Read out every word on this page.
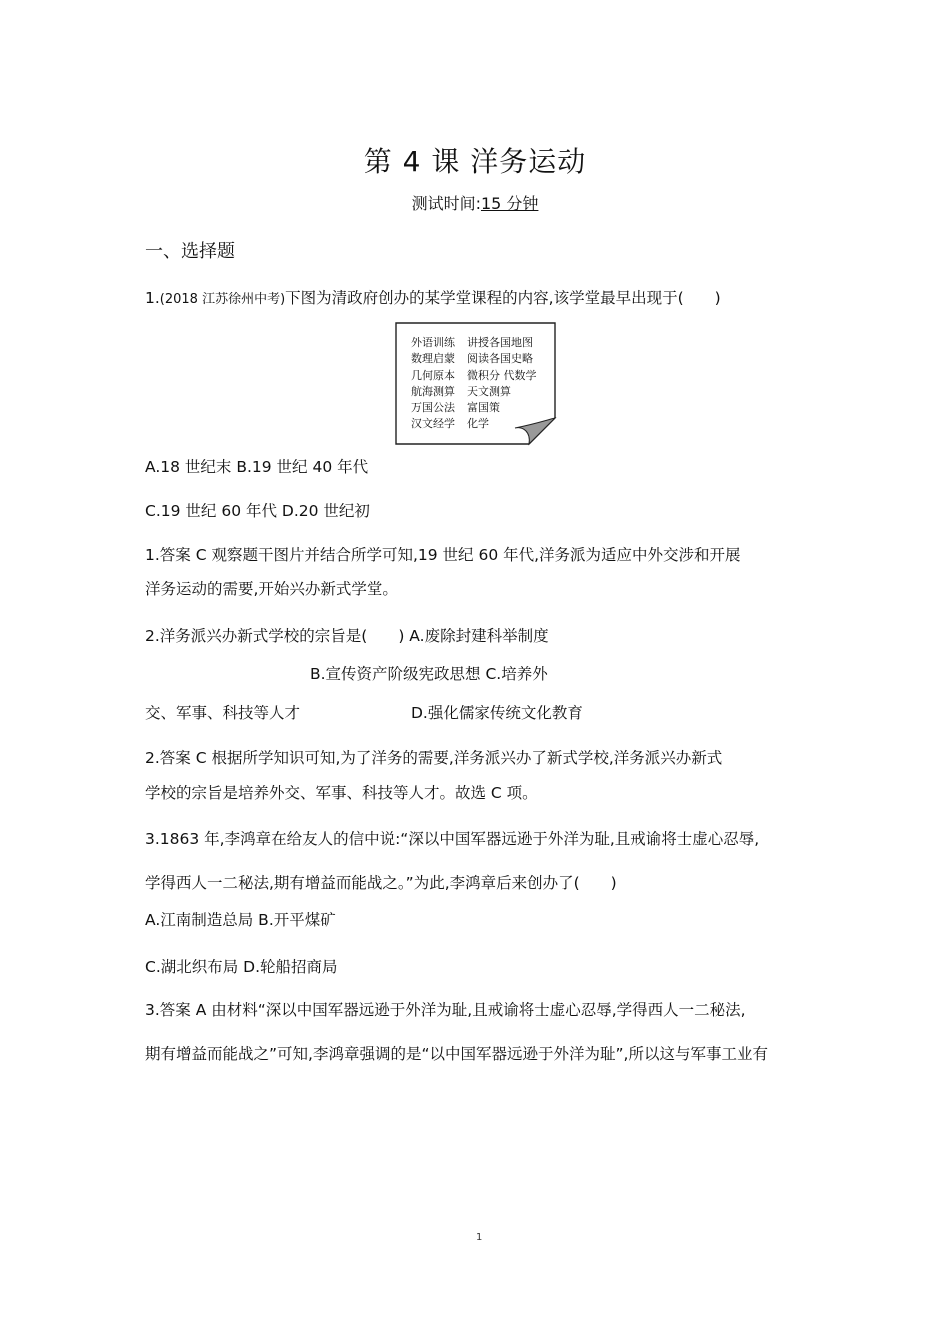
第 4 课 洋务运动
测试时间:15 分钟
一、选择题
1.(2018 江苏徐州中考)下图为清政府创办的某学堂课程的内容,该学堂最早出现于(　　)
外语训练 讲授各国地图
数理启蒙 阅读各国史略
几何原本 微积分 代数学
航海测算 天文测算
万国公法 富国策
汉文经学 化学
A.18 世纪末 B.19 世纪 40 年代
C.19 世纪 60 年代 D.20 世纪初
1.答案 C 观察题干图片并结合所学可知,19 世纪 60 年代,洋务派为适应中外交涉和开展
洋务运动的需要,开始兴办新式学堂。
2.洋务派兴办新式学校的宗旨是(　　) A.废除封建科举制度
B.宣传资产阶级宪政思想 C.培养外
交、军事、科技等人才	D.强化儒家传统文化教育
2.答案 C 根据所学知识可知,为了洋务的需要,洋务派兴办了新式学校,洋务派兴办新式
学校的宗旨是培养外交、军事、科技等人才。故选 C 项。
3.1863 年,李鸿章在给友人的信中说:“深以中国军器远逊于外洋为耻,且戒谕将士虚心忍辱,
学得西人一二秘法,期有增益而能战之。”为此,李鸿章后来创办了(　　)
A.江南制造总局 B.开平煤矿
C.湖北织布局 D.轮船招商局
3.答案 A 由材料“深以中国军器远逊于外洋为耻,且戒谕将士虚心忍辱,学得西人一二秘法,
期有增益而能战之”可知,李鸿章强调的是“以中国军器远逊于外洋为耻”,所以这与军事工业有
1
